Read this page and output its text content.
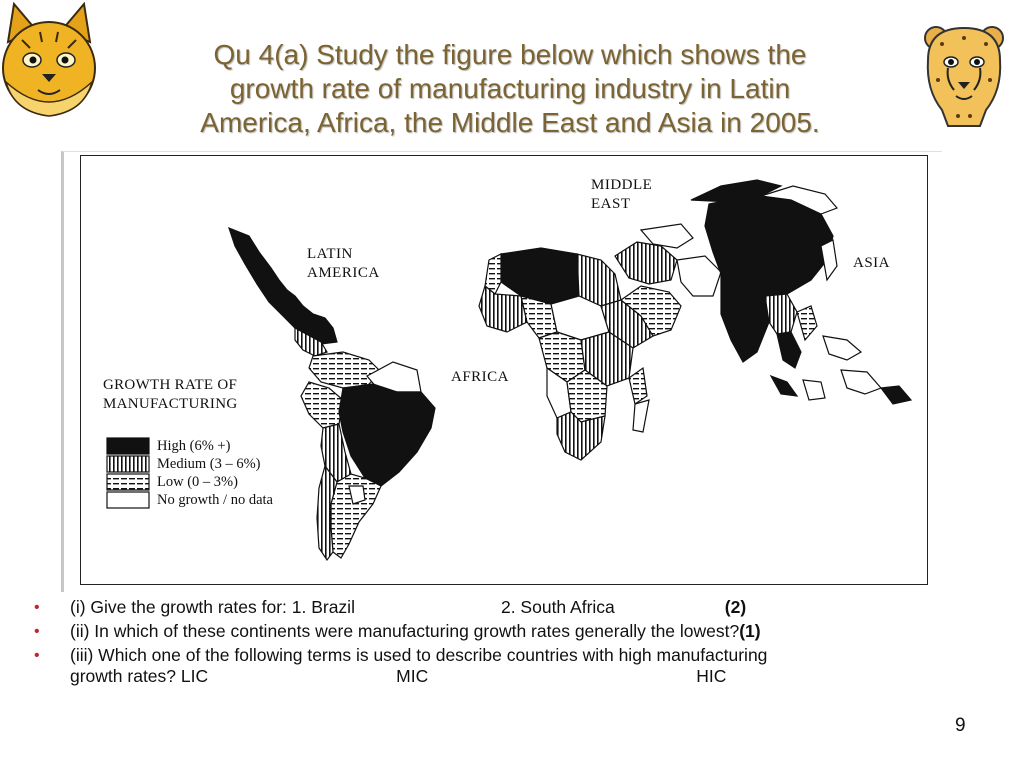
Qu 4(a) Study the figure below which shows the
growth rate of manufacturing industry in Latin
America, Africa, the Middle East and Asia in 2005.
LATIN
AMERICA
MIDDLE
EAST
ASIA
AFRICA
GROWTH RATE OF
MANUFACTURING
High (6% +)
Medium (3 – 6%)
Low (0 – 3%)
No growth / no data
• (i) Give the growth rates for: 1. Brazil	2. South Africa	(2)
• (ii) In which of these continents were manufacturing growth rates generally the lowest?(1)
• (iii) Which one of the following terms is used to describe countries with high manufacturing
growth rates? LIC	MIC	HIC
9
